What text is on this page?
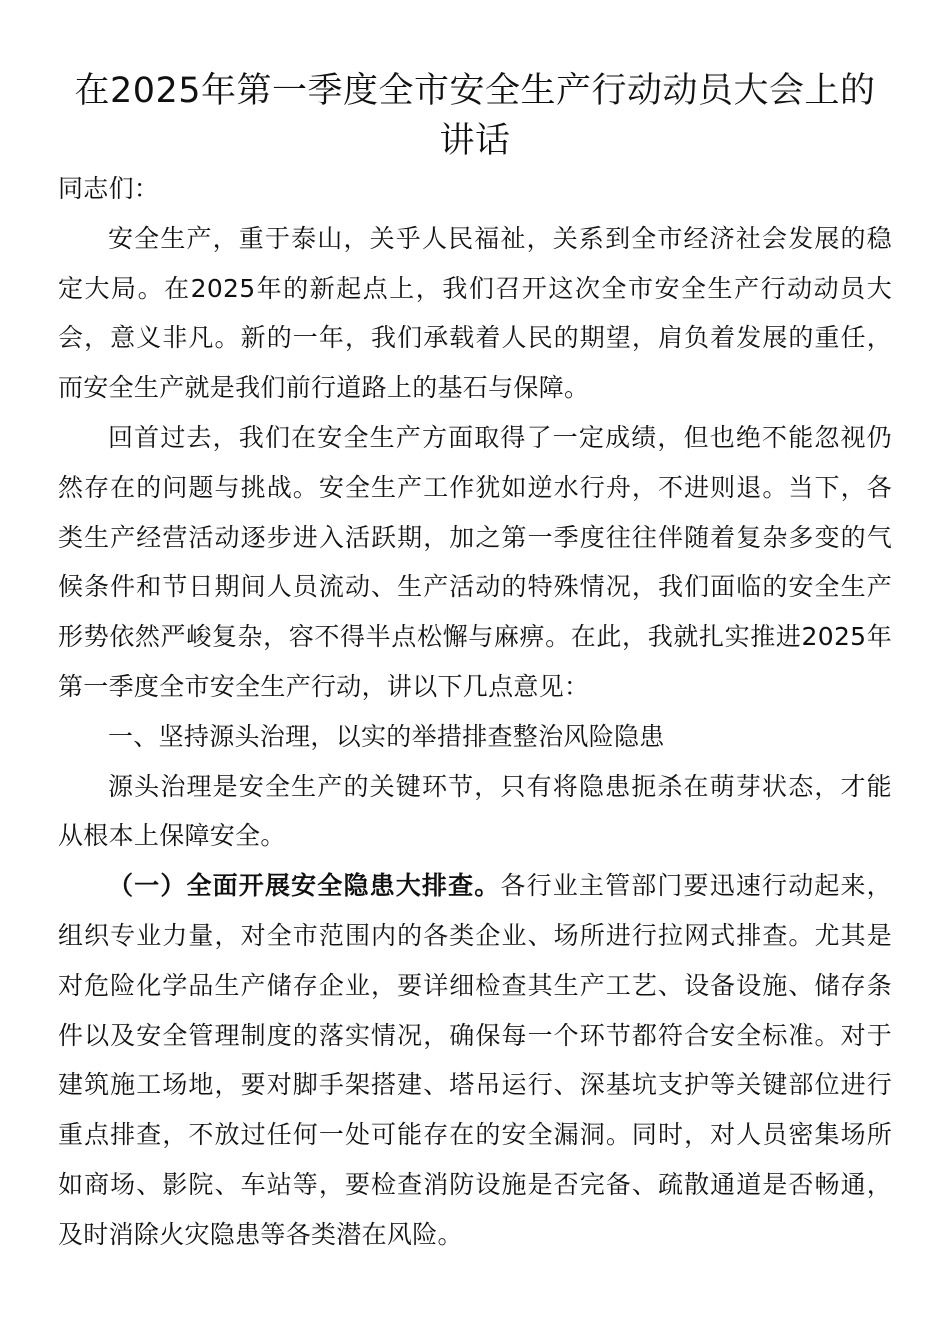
在2025年第一季度全市安全生产行动动员大会上的讲话

同志们：

安全生产，重于泰山，关乎人民福祉，关系到全市经济社会发展的稳定大局。在2025年的新起点上，我们召开这次全市安全生产行动动员大会，意义非凡。新的一年，我们承载着人民的期望，肩负着发展的重任，而安全生产就是我们前行道路上的基石与保障。

回首过去，我们在安全生产方面取得了一定成绩，但也绝不能忽视仍然存在的问题与挑战。安全生产工作犹如逆水行舟，不进则退。当下，各类生产经营活动逐步进入活跃期，加之第一季度往往伴随着复杂多变的气候条件和节日期间人员流动、生产活动的特殊情况，我们面临的安全生产形势依然严峻复杂，容不得半点松懈与麻痹。在此，我就扎实推进2025年第一季度全市安全生产行动，讲以下几点意见：

一、坚持源头治理，以实的举措排查整治风险隐患

源头治理是安全生产的关键环节，只有将隐患扼杀在萌芽状态，才能从根本上保障安全。

（一）全面开展安全隐患大排查。各行业主管部门要迅速行动起来，组织专业力量，对全市范围内的各类企业、场所进行拉网式排查。尤其是对危险化学品生产储存企业，要详细检查其生产工艺、设备设施、储存条件以及安全管理制度的落实情况，确保每一个环节都符合安全标准。对于建筑施工场地，要对脚手架搭建、塔吊运行、深基坑支护等关键部位进行重点排查，不放过任何一处可能存在的安全漏洞。同时，对人员密集场所如商场、影院、车站等，要检查消防设施是否完备、疏散通道是否畅通，及时消除火灾隐患等各类潜在风险。
